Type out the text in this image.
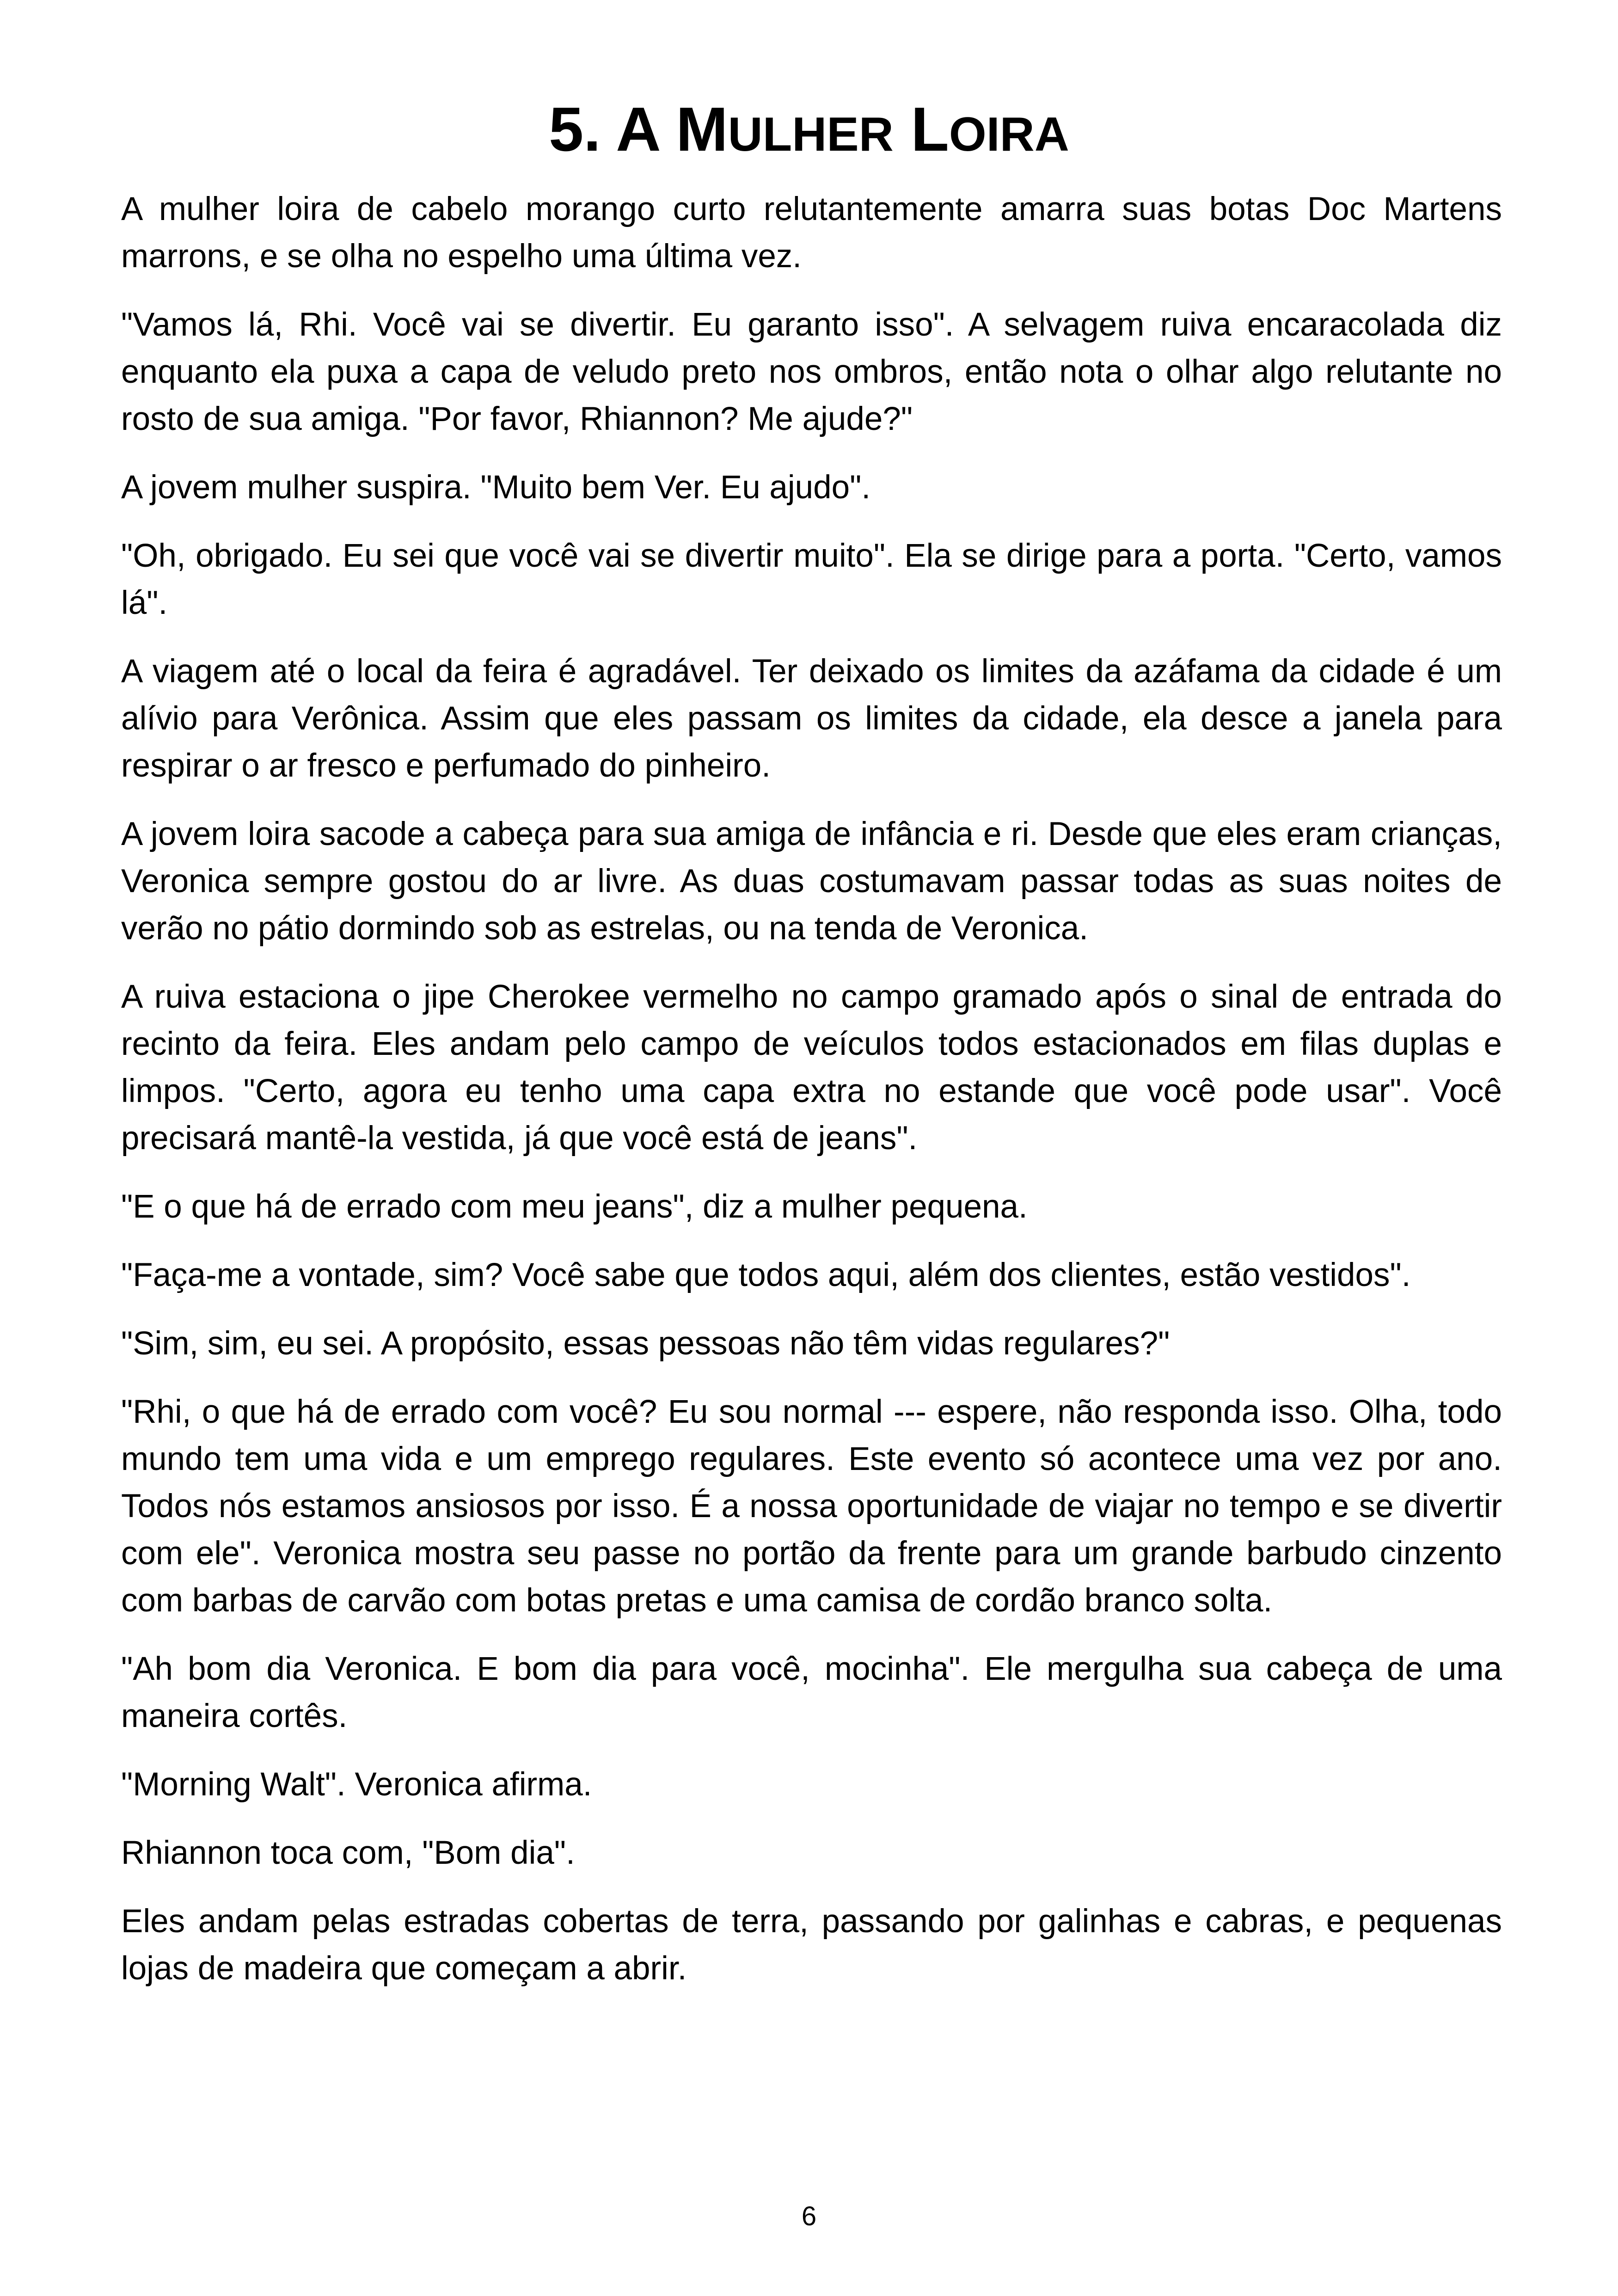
5. A MULHER LOIRA

A mulher loira de cabelo morango curto relutantemente amarra suas botas Doc Martens marrons, e se olha no espelho uma última vez.

"Vamos lá, Rhi. Você vai se divertir. Eu garanto isso". A selvagem ruiva encaracolada diz enquanto ela puxa a capa de veludo preto nos ombros, então nota o olhar algo relutante no rosto de sua amiga. "Por favor, Rhiannon? Me ajude?"

A jovem mulher suspira. "Muito bem Ver. Eu ajudo".

"Oh, obrigado. Eu sei que você vai se divertir muito". Ela se dirige para a porta. "Certo, vamos lá".

A viagem até o local da feira é agradável. Ter deixado os limites da azáfama da cidade é um alívio para Verônica. Assim que eles passam os limites da cidade, ela desce a janela para respirar o ar fresco e perfumado do pinheiro.

A jovem loira sacode a cabeça para sua amiga de infância e ri. Desde que eles eram crianças, Veronica sempre gostou do ar livre. As duas costumavam passar todas as suas noites de verão no pátio dormindo sob as estrelas, ou na tenda de Veronica.

A ruiva estaciona o jipe Cherokee vermelho no campo gramado após o sinal de entrada do recinto da feira. Eles andam pelo campo de veículos todos estacionados em filas duplas e limpos. "Certo, agora eu tenho uma capa extra no estande que você pode usar". Você precisará mantê-la vestida, já que você está de jeans".

"E o que há de errado com meu jeans", diz a mulher pequena.

"Faça-me a vontade, sim? Você sabe que todos aqui, além dos clientes, estão vestidos".

"Sim, sim, eu sei. A propósito, essas pessoas não têm vidas regulares?"

"Rhi, o que há de errado com você? Eu sou normal --- espere, não responda isso. Olha, todo mundo tem uma vida e um emprego regulares. Este evento só acontece uma vez por ano. Todos nós estamos ansiosos por isso. É a nossa oportunidade de viajar no tempo e se divertir com ele". Veronica mostra seu passe no portão da frente para um grande barbudo cinzento com barbas de carvão com botas pretas e uma camisa de cordão branco solta.

"Ah bom dia Veronica. E bom dia para você, mocinha". Ele mergulha sua cabeça de uma maneira cortês.

"Morning Walt". Veronica afirma.

Rhiannon toca com, "Bom dia".

Eles andam pelas estradas cobertas de terra, passando por galinhas e cabras, e pequenas lojas de madeira que começam a abrir.

6
